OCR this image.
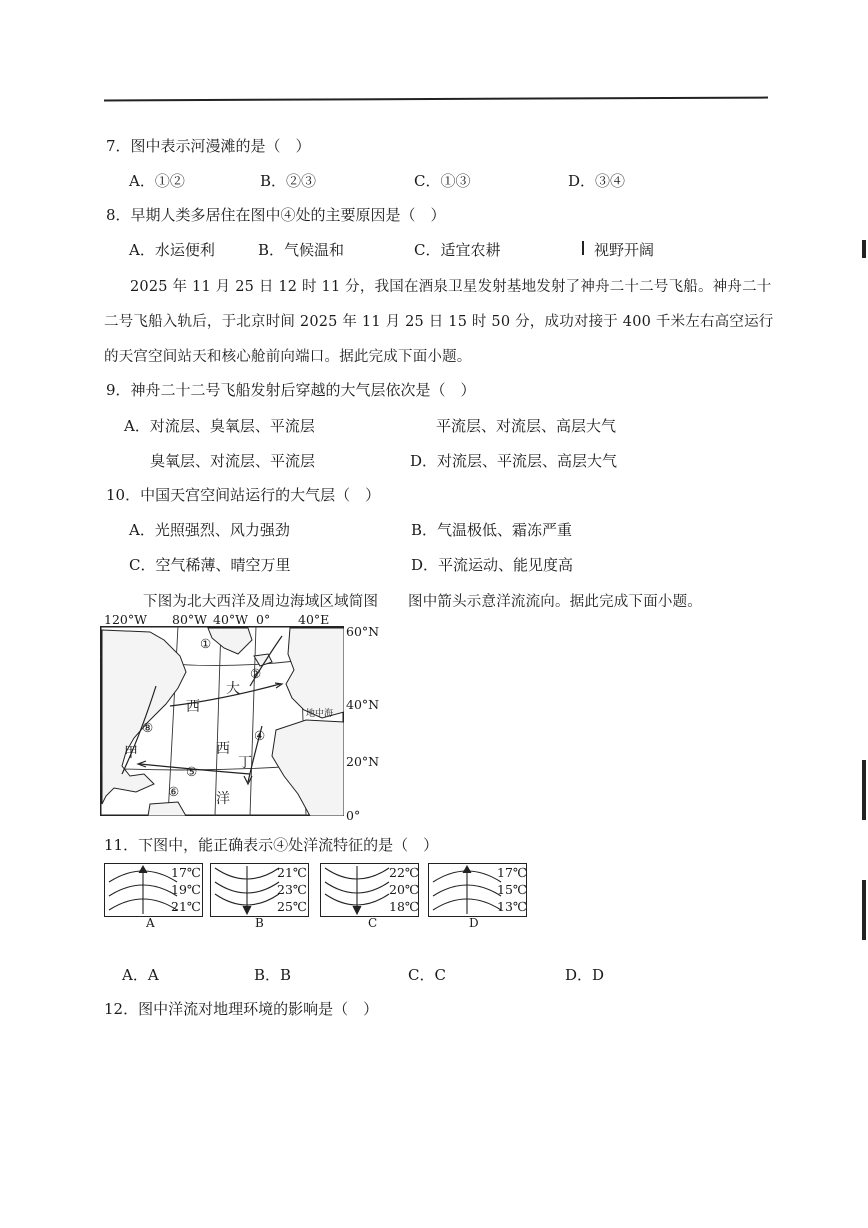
7．图中表示河漫滩的是（　）
A．①②	B．②③	C．①③	D．③④
8．早期人类多居住在图中④处的主要原因是（　）
A．水运便利	B．气候温和	C．适宜农耕	视野开阔
2025 年 11 月 25 日 12 时 11 分，我国在酒泉卫星发射基地发射了神舟二十二号飞船。神舟二十
二号飞船入轨后，于北京时间 2025 年 11 月 25 日 15 时 50 分，成功对接于 400 千米左右高空运行
的天宫空间站天和核心舱前向端口。据此完成下面小题。
9．神舟二十二号飞船发射后穿越的大气层依次是（　）
A．对流层、臭氧层、平流层	平流层、对流层、高层大气
臭氧层、对流层、平流层	D．对流层、平流层、高层大气
10．中国天宫空间站运行的大气层（　）
A．光照强烈、风力强劲	B．气温极低、霜冻严重
C．空气稀薄、晴空万里	D．平流运动、能见度高
下图为北大西洋及周边海域区域简图 图中箭头示意洋流流向。据此完成下面小题。
120°W 80°W 40°W 0° 40°E
60°N
40°N
20°N
0°
①
②
④
⑤
⑥
⑧
大
西
西
洋
甲
丁
地中海
11．下图中，能正确表示④处洋流特征的是（　）
17℃
19℃
21℃
A
21℃
23℃
25℃
B
22℃
20℃
18℃
C
17℃
15℃
13℃
D
A．A	B．B	C．C	D．D
12．图中洋流对地理环境的影响是（　）
